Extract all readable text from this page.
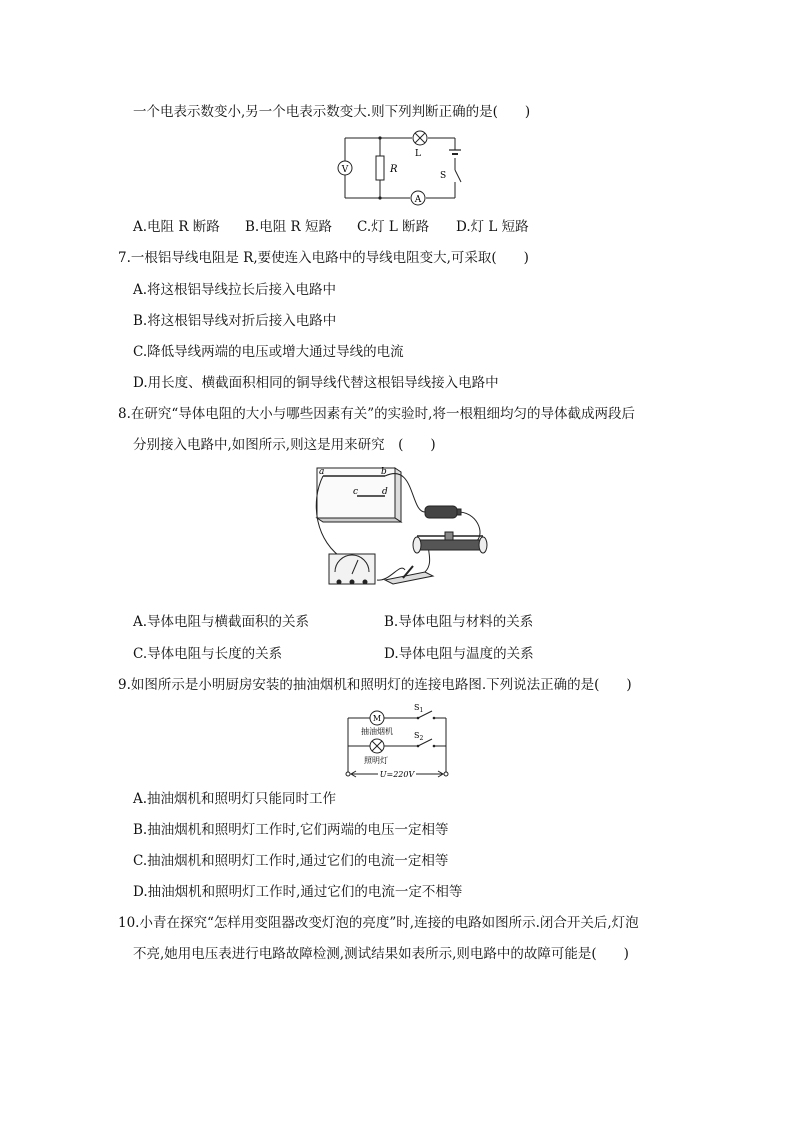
一个电表示数变小,另一个电表示数变大.则下列判断正确的是(　　)
V	R
A
L
S
A.电阻 R 断路 B.电阻 R 短路 C.灯 L 断路 D.灯 L 短路
7.一根铝导线电阻是 R,要使连入电路中的导线电阻变大,可采取(　　)
A.将这根铝导线拉长后接入电路中
B.将这根铝导线对折后接入电路中
C.降低导线两端的电压或增大通过导线的电流
D.用长度、横截面积相同的铜导线代替这根铝导线接入电路中
8.在研究“导体电阻的大小与哪些因素有关”的实验时,将一根粗细均匀的导体截成两段后
分别接入电路中,如图所示,则这是用来研究　(　　)
a	b
c	d
A.导体电阻与横截面积的关系	B.导体电阻与材料的关系
C.导体电阻与长度的关系	D.导体电阻与温度的关系
9.如图所示是小明厨房安装的抽油烟机和照明灯的连接电路图.下列说法正确的是(　　)
M
$S_1$
$S_2$
抽油烟机
照明灯
U=220V
A.抽油烟机和照明灯只能同时工作
B.抽油烟机和照明灯工作时,它们两端的电压一定相等
C.抽油烟机和照明灯工作时,通过它们的电流一定相等
D.抽油烟机和照明灯工作时,通过它们的电流一定不相等
10.小青在探究“怎样用变阻器改变灯泡的亮度”时,连接的电路如图所示.闭合开关后,灯泡
不亮,她用电压表进行电路故障检测,测试结果如表所示,则电路中的故障可能是(　　)
